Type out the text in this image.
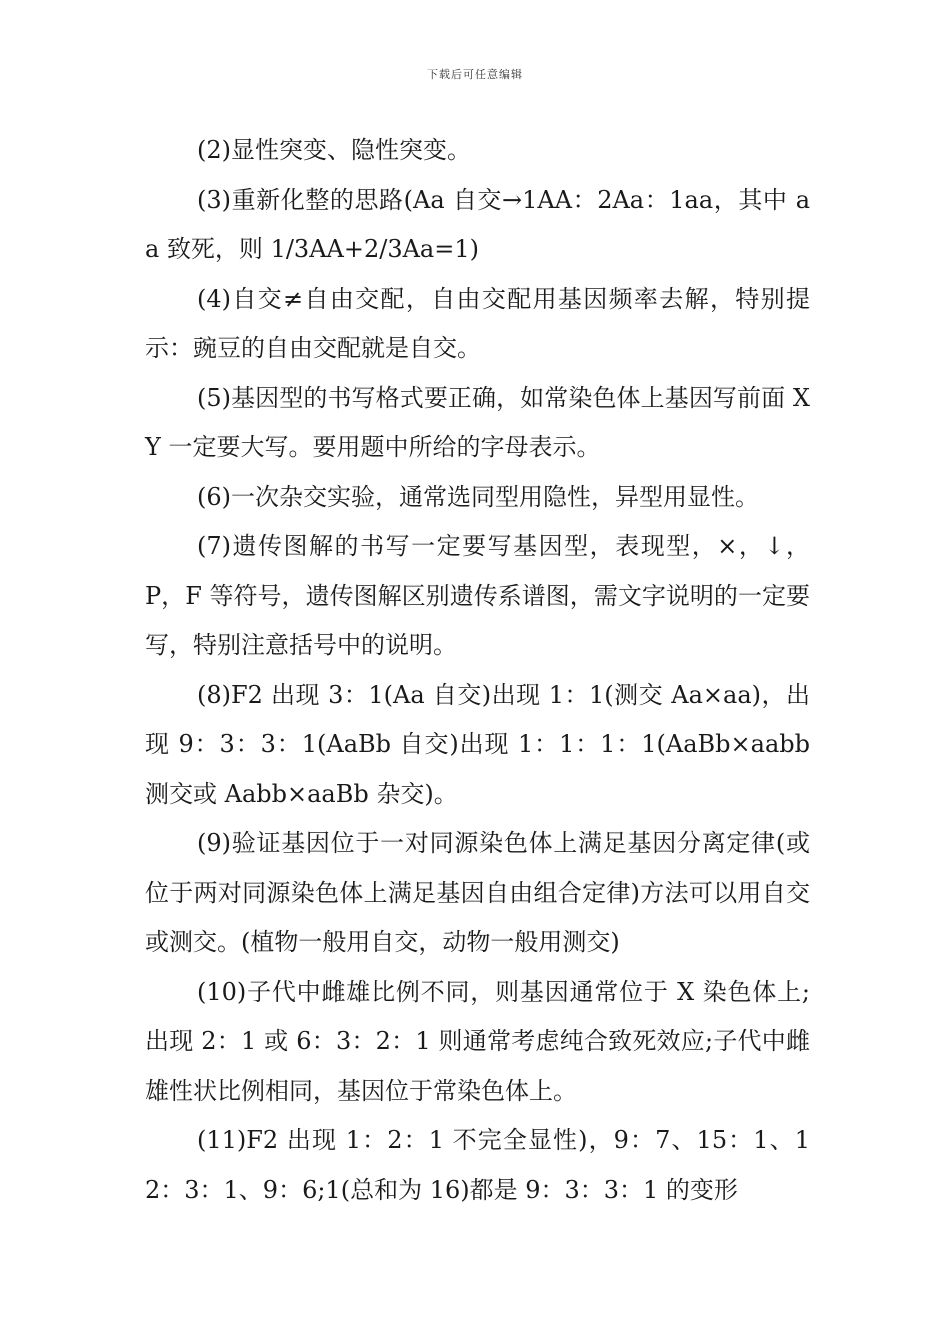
下载后可任意编辑

(2)显性突变、隐性突变。

(3)重新化整的思路(Aa 自交→1AA：2Aa：1aa，其中 aa 致死，则 1/3AA+2/3Aa=1)

(4)自交≠自由交配，自由交配用基因频率去解，特别提示：豌豆的自由交配就是自交。

(5)基因型的书写格式要正确，如常染色体上基因写前面 XY 一定要大写。要用题中所给的字母表示。

(6)一次杂交实验，通常选同型用隐性，异型用显性。

(7)遗传图解的书写一定要写基因型，表现型，×，↓，P，F 等符号，遗传图解区别遗传系谱图，需文字说明的一定要写，特别注意括号中的说明。

(8)F2 出现 3：1(Aa 自交)出现 1：1(测交 Aa×aa)，出现 9：3：3：1(AaBb 自交)出现 1：1：1：1(AaBb×aabb 测交或 Aabb×aaBb 杂交)。

(9)验证基因位于一对同源染色体上满足基因分离定律(或位于两对同源染色体上满足基因自由组合定律)方法可以用自交或测交。(植物一般用自交，动物一般用测交)

(10)子代中雌雄比例不同，则基因通常位于 X 染色体上;出现 2：1 或 6：3：2：1 则通常考虑纯合致死效应;子代中雌雄性状比例相同，基因位于常染色体上。

(11)F2 出现 1：2：1 不完全显性)，9：7、15：1、12：3：1、9：6;1(总和为 16)都是 9：3：3：1 的变形
